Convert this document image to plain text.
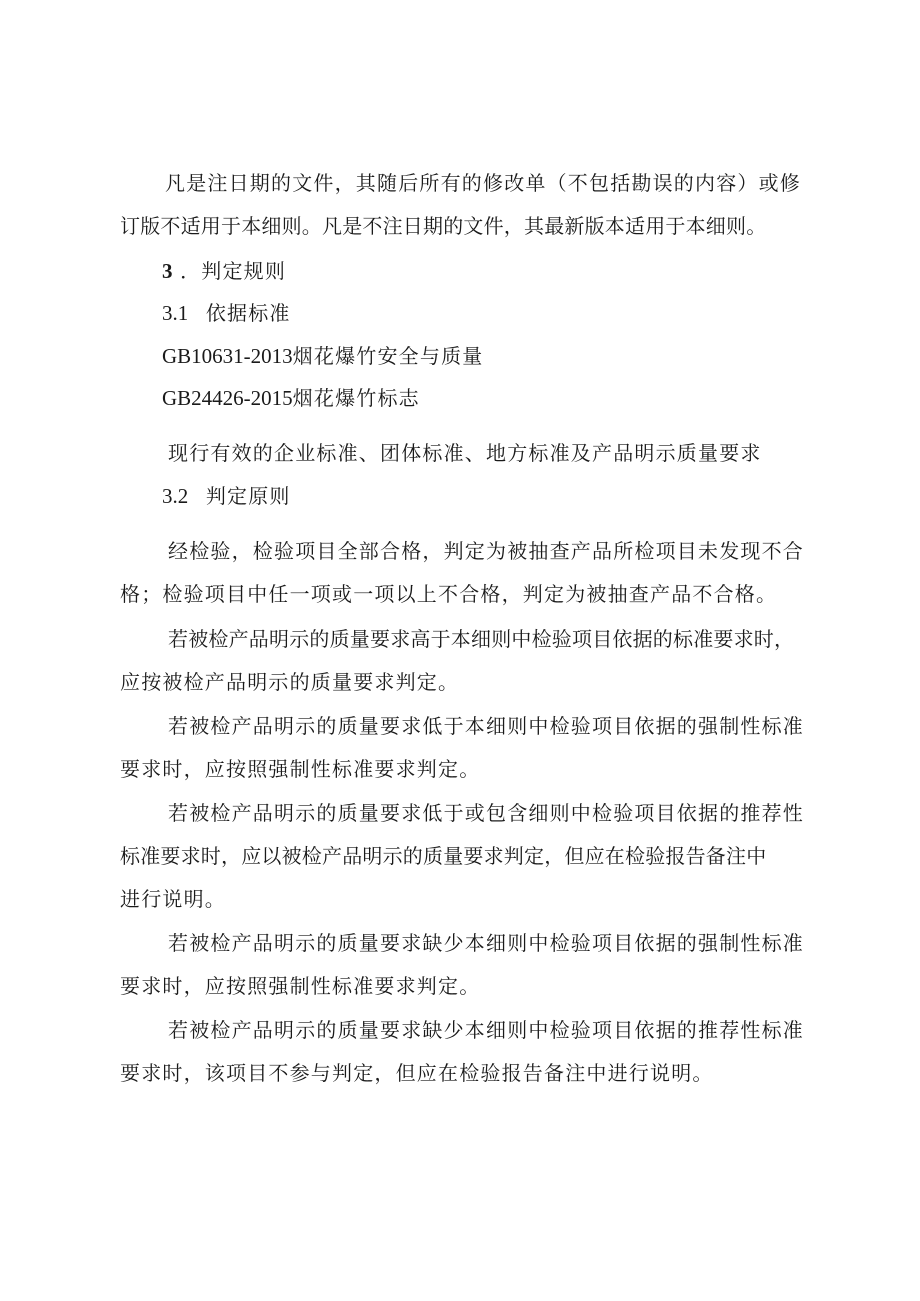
凡是注日期的文件，其随后所有的修改单（不包括勘误的内容）或修
订版不适用于本细则。凡是不注日期的文件，其最新版本适用于本细则。
3 ．判定规则
3.1 依据标准
GB10631-2013烟花爆竹安全与质量
GB24426-2015烟花爆竹标志
现行有效的企业标准、团体标准、地方标准及产品明示质量要求
3.2 判定原则
经检验，检验项目全部合格，判定为被抽查产品所检项目未发现不合
格；检验项目中任一项或一项以上不合格，判定为被抽查产品不合格。
若被检产品明示的质量要求高于本细则中检验项目依据的标准要求时，
应按被检产品明示的质量要求判定。
若被检产品明示的质量要求低于本细则中检验项目依据的强制性标准
要求时，应按照强制性标准要求判定。
若被检产品明示的质量要求低于或包含细则中检验项目依据的推荐性
标准要求时，应以被检产品明示的质量要求判定，但应在检验报告备注中
进行说明。
若被检产品明示的质量要求缺少本细则中检验项目依据的强制性标准
要求时，应按照强制性标准要求判定。
若被检产品明示的质量要求缺少本细则中检验项目依据的推荐性标准
要求时，该项目不参与判定，但应在检验报告备注中进行说明。
